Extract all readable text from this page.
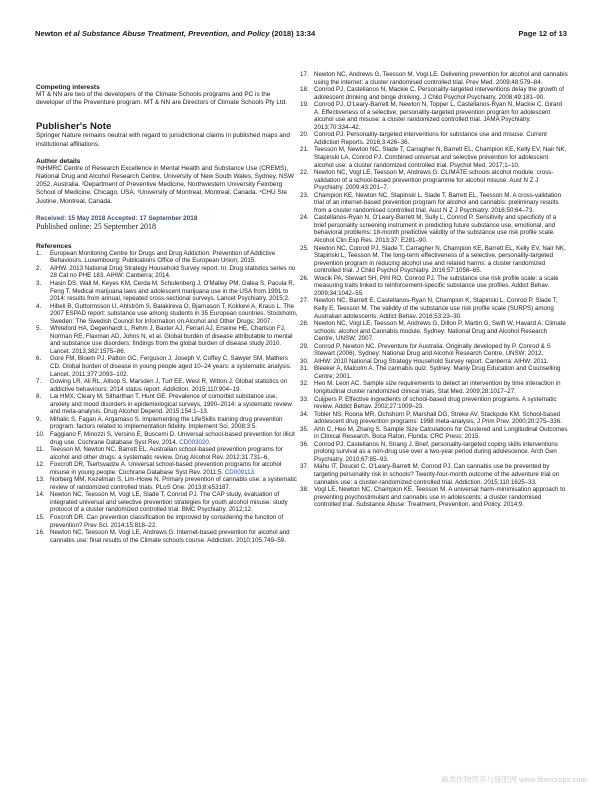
Newton et al Substance Abuse Treatment, Prevention, and Policy (2018) 13:34	Page 12 of 13

Competing interests

MT & NN are two of the developers of the Climate Schools programs and PC is the developer of the Preventure program. MT & NN are Directors of Climate Schools Pty Ltd.

Publisher's Note

Springer Nature remains neutral with regard to jurisdictional claims in published maps and institutional affiliations.

Author details

¹NHMRC Centre of Research Excellence in Mental Health and Substance Use (CREMS), National Drug and Alcohol Research Centre, University of New South Wales, Sydney, NSW 2052, Australia. ²Department of Preventive Medicine, Northwestern University Feinberg School of Medicine, Chicago, USA. ³University of Montreal, Montreal, Canada. ⁴CHU Ste Justine, Montreal, Canada.

Received: 15 May 2018 Accepted: 17 September 2018

Published online: 25 September 2018

References

1.	European Monitoring Centre for Drugs and Drug Addiction: Prevention of Addictive Behaviours. Luxembourg: Publications Office of the European Union; 2015.
2.	AIHW. 2013 National Drug Strategy Household Survey report. In: Drug statistics series no 28 Cat no PHE 183. AIHW: Canberra; 2014.
3.	Hasin DS, Wall M, Keyes KM, Cerda M, Schulenberg J, O'Malley PM, Galea S, Pacula R, Feng T. Medical marijuana laws and adolescent marijuana use in the USA from 1991 to 2014: results from annual, repeated cross-sectional surveys. Lancet Psychiatry. 2015;2.
4.	Hibell B, Guttormsson U, Ahlström S, Balakireva O, Bjarnason T, Kokkevi A, Kraus L. The 2007 ESPAD report: substance use among students in 35 European countries. Stockholm, Sweden: The Swedish Council for Information on Alcohol and Other Drugs; 2007.
5.	Whiteford HA, Degenhardt L, Rehm J, Baxter AJ, Ferrari AJ, Erskine HE, Charlson FJ, Norman RE, Flaxman AD, Johns N, et al. Global burden of disease attributable to mental and substance use disorders: findings from the global burden of disease study 2010. Lancet. 2013;382:1575–86.
6.	Gore FM, Bloem PJ, Patton GC, Ferguson J, Joseph V, Coffey C, Sawyer SM, Mathers CD. Global burden of disease in young people aged 10–24 years: a systematic analysis. Lancet. 2011;377:2093–102.
7.	Gowing LR, Ali RL, Allsop S, Marsden J, Turf EE, West R, Witton J. Global statistics on addictive behaviours: 2014 status report. Addiction. 2015;110:904–19.
8.	Lai HMX, Cleary M, Sitharthan T, Hunt GE. Prevalence of comorbid substance use, anxiety and mood disorders in epidemiological surveys, 1990–2014: a systematic review and meta-analysis. Drug Alcohol Depend. 2015;154:1–13.
9.	Mihalic S, Fagan A, Argamaso S. Implementing the LifeSkills training drug prevention program: factors related to implementation fidelity. Implement Sci. 2008;3:5.
10. Faggiano F, Minozzi S, Versino E, Buscemi D. Universal school-based prevention for illicit drug use. Cochrane Database Syst Rev. 2014. CD003020.
11. Teesson M, Newton NC, Barrett EL. Australian school-based prevention programs for alcohol and other drugs: a systematic review. Drug Alcohol Rev. 2012;31:731–6.
12. Foxcroft DR, Tsertsvadze A. Universal school-based prevention programs for alcohol misuse in young people. Cochrane Database Syst Rev. 2011;5. CD009113.
13. Norberg MM, Kezelman S, Lim-Howe N. Primary prevention of cannabis use: a systematic review of randomized controlled trials. PLoS One. 2013;8:e53187.
14. Newton NC, Teesson M, Vogl LE, Slade T, Conrod PJ. The CAP study, evaluation of integrated universal and selective prevention strategies for youth alcohol misuse: study protocol of a cluster randomized controlled trial. BMC Psychiatry. 2012;12.
15. Foxcroft DR. Can prevention classification be improved by considering the function of prevention? Prev Sci. 2014;15:818–22.
16. Newton NC, Teesson M, Vogl LE, Andrews G. Internet-based prevention for alcohol and cannabis use: final results of the Climate schools course. Addiction. 2010;105:749–59.
17. Newton NC, Andrews G, Teesson M, Vogl LE. Delivering prevention for alcohol and cannabis using the internet: a cluster randomised controlled trial. Prev Med. 2009;48:579–84.
18. Conrod PJ, Castellanos N, Mackie C. Personality-targeted interventions delay the growth of adolescent drinking and binge drinking. J Child Psychol Psychiatry. 2008;49:181–90.
19. Conrod PJ, O'Leary-Barrett M, Newton N, Topper L, Castellanos-Ryan N, Mackie C, Girard A. Effectiveness of a selective, personality-targeted prevention program for adolescent alcohol use and misuse: a cluster randomized controlled trial. JAMA Psychiatry. 2013;70:334–42.
20. Conrod PJ. Personality-targeted interventions for substance use and misuse. Current Addiction Reports. 2016;3:426–36.
21. Teesson M, Newton NC, Slade T, Carragher N, Barrett EL, Champion KE, Kelly EV, Nair NK, Stapinski LA, Conrod PJ. Combined universal and selective prevention for adolescent alcohol use: a cluster randomized controlled trial. Psychol Med. 2017;1–10.
22. Newton NC, Vogl LE, Teesson M, Andrews G. CLIMATE schools alcohol module: cross-validation of a school-based prevention programme for alcohol misuse. Aust N Z J Psychiatry. 2009;43:201–7.
23. Champion KE, Newton NC, Stapinski L, Slade T, Barrett EL, Teesson M. A cross-validation trial of an internet-based prevention program for alcohol and cannabis: preliminary results from a cluster randomised controlled trial. Aust N Z J Psychiatry. 2016;50:64–73.
24. Castellanos-Ryan N, O'Leary-Barrett M, Sully L, Conrod P. Sensitivity and specificity of a brief personality screening instrument in predicting future substance use, emotional, and behavioral problems: 18-month predictive validity of the substance use risk profile scale. Alcohol Clin Exp Res. 2013;37: E281–90.
25. Newton NC, Conrod PJ, Slade T, Carragher N, Champion KE, Barrett EL, Kelly EV, Nair NK, Stapinski L, Teesson M. The long-term effectiveness of a selective, personality-targeted prevention program in reducing alcohol use and related harms: a cluster randomized controlled trial. J Child Psychol Psychiatry. 2016;57:1056–65.
26. Woicik PA, Stewart SH, Pihl RO, Conrod PJ. The substance use risk profile scale: a scale measuring traits linked to reinforcement-specific substance use profiles. Addict Behav. 2009;34:1042–55.
27. Newton NC, Barrett E, Castellanos-Ryan N, Champion K, Stapinski L, Conrod P, Slade T, Kelly E, Teesson M. The validity of the substance use risk profile scale (SURPS) among Australian adolescents. Addict Behav. 2016;53:23–30.
28. Newton NC, Vogl LE, Teesson M, Andrews G, Dillon P, Martin G, Swift W, Havard A: Climate schools: alcohol and Cannabis module. Sydney: National Drug and Alcohol Research Centre, UNSW; 2007.
29. Conrod P, Newton NC. Preventure for Australia. Originally developed by P. Conrod & S Stewart (2006). Sydney: National Drug and Alcohol Research Centre, UNSW; 2012.
30. AIHW: 2010 National Drug Strategy Household Survey report. Canberra: AIHW; 2011.
31. Bleeker A, Malcolm A. The cannabis quiz. Sydney: Manly Drug Education and Counselling Centre; 2001.
32. Heo M, Leon AC. Sample size requirements to detect an intervention by time interaction in longitudinal cluster randomized clinical trials. Stat Med. 2009;28:1017–27.
33. Cuijpers P. Effective ingredients of school-based drug prevention programs. A systematic review. Addict Behav. 2002;27:1009–23.
34. Tobler NS, Roona MR, Ochshorn P, Marshall DG, Streke AV, Stackpole KM. School-based adolescent drug prevention programs: 1998 meta-analysis. J Prim Prev. 2000;20:275–336.
35. Ahn C, Heo M, Zhang S. Sample Size Calculations for Clustered and Longitudinal Outcomes in Clinical Research. Boca Raton, Florida: CRC Press; 2015.
36. Conrod PJ, Castellanos N, Strang J. Brief, personality-targeted coping skills interventions prolong survival as a non-drug use over a two-year period during adolescence. Arch Gen Psychiatry. 2010;67:85–93.
37. Mahu IT, Doucet C, O'Leary-Barrett M, Conrod PJ. Can cannabis use be prevented by targeting personality risk in schools? Twenty-four-month outcome of the adventure trial on cannabis use: a cluster-randomized controlled trial. Addiction. 2015;110:1625–33.
38. Vogl LE, Newton NC, Champion KE, Teesson M. A universal harm-minimisation approach to preventing psychostimulant and cannabis use in adolescents: a cluster randomised controlled trial. Substance Abuse: Treatment, Prevention, and Policy. 2014;9.
麻类作物营养与施肥网 www.fibercrops.com
